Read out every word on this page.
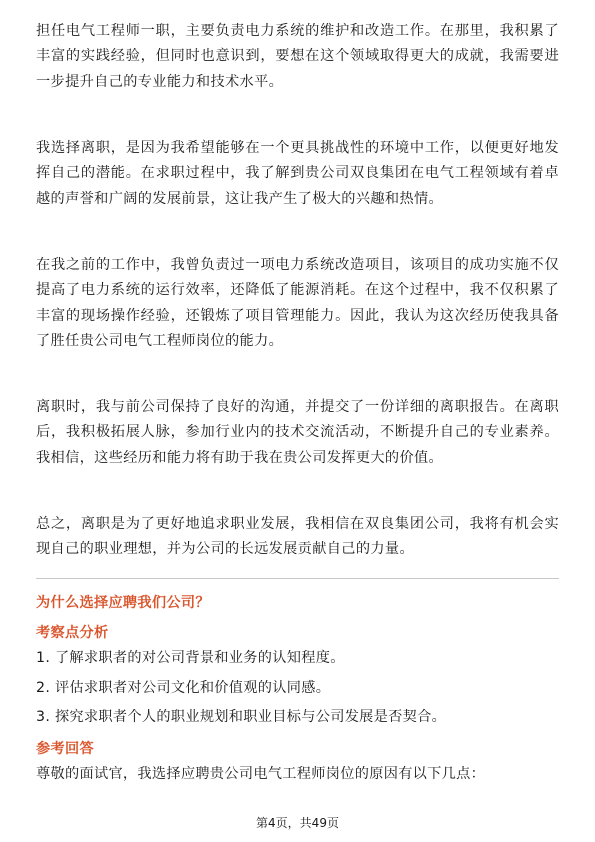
担任电气工程师一职，主要负责电力系统的维护和改造工作。在那里，我积累了丰富的实践经验，但同时也意识到，要想在这个领域取得更大的成就，我需要进一步提升自己的专业能力和技术水平。

我选择离职，是因为我希望能够在一个更具挑战性的环境中工作，以便更好地发挥自己的潜能。在求职过程中，我了解到贵公司双良集团在电气工程领域有着卓越的声誉和广阔的发展前景，这让我产生了极大的兴趣和热情。

在我之前的工作中，我曾负责过一项电力系统改造项目，该项目的成功实施不仅提高了电力系统的运行效率，还降低了能源消耗。在这个过程中，我不仅积累了丰富的现场操作经验，还锻炼了项目管理能力。因此，我认为这次经历使我具备了胜任贵公司电气工程师岗位的能力。

离职时，我与前公司保持了良好的沟通，并提交了一份详细的离职报告。在离职后，我积极拓展人脉，参加行业内的技术交流活动，不断提升自己的专业素养。我相信，这些经历和能力将有助于我在贵公司发挥更大的价值。

总之，离职是为了更好地追求职业发展，我相信在双良集团公司，我将有机会实现自己的职业理想，并为公司的长远发展贡献自己的力量。

为什么选择应聘我们公司？

考察点分析

1. 了解求职者的对公司背景和业务的认知程度。

2. 评估求职者对公司文化和价值观的认同感。

3. 探究求职者个人的职业规划和职业目标与公司发展是否契合。

参考回答

尊敬的面试官，我选择应聘贵公司电气工程师岗位的原因有以下几点：

第4页，共49页
